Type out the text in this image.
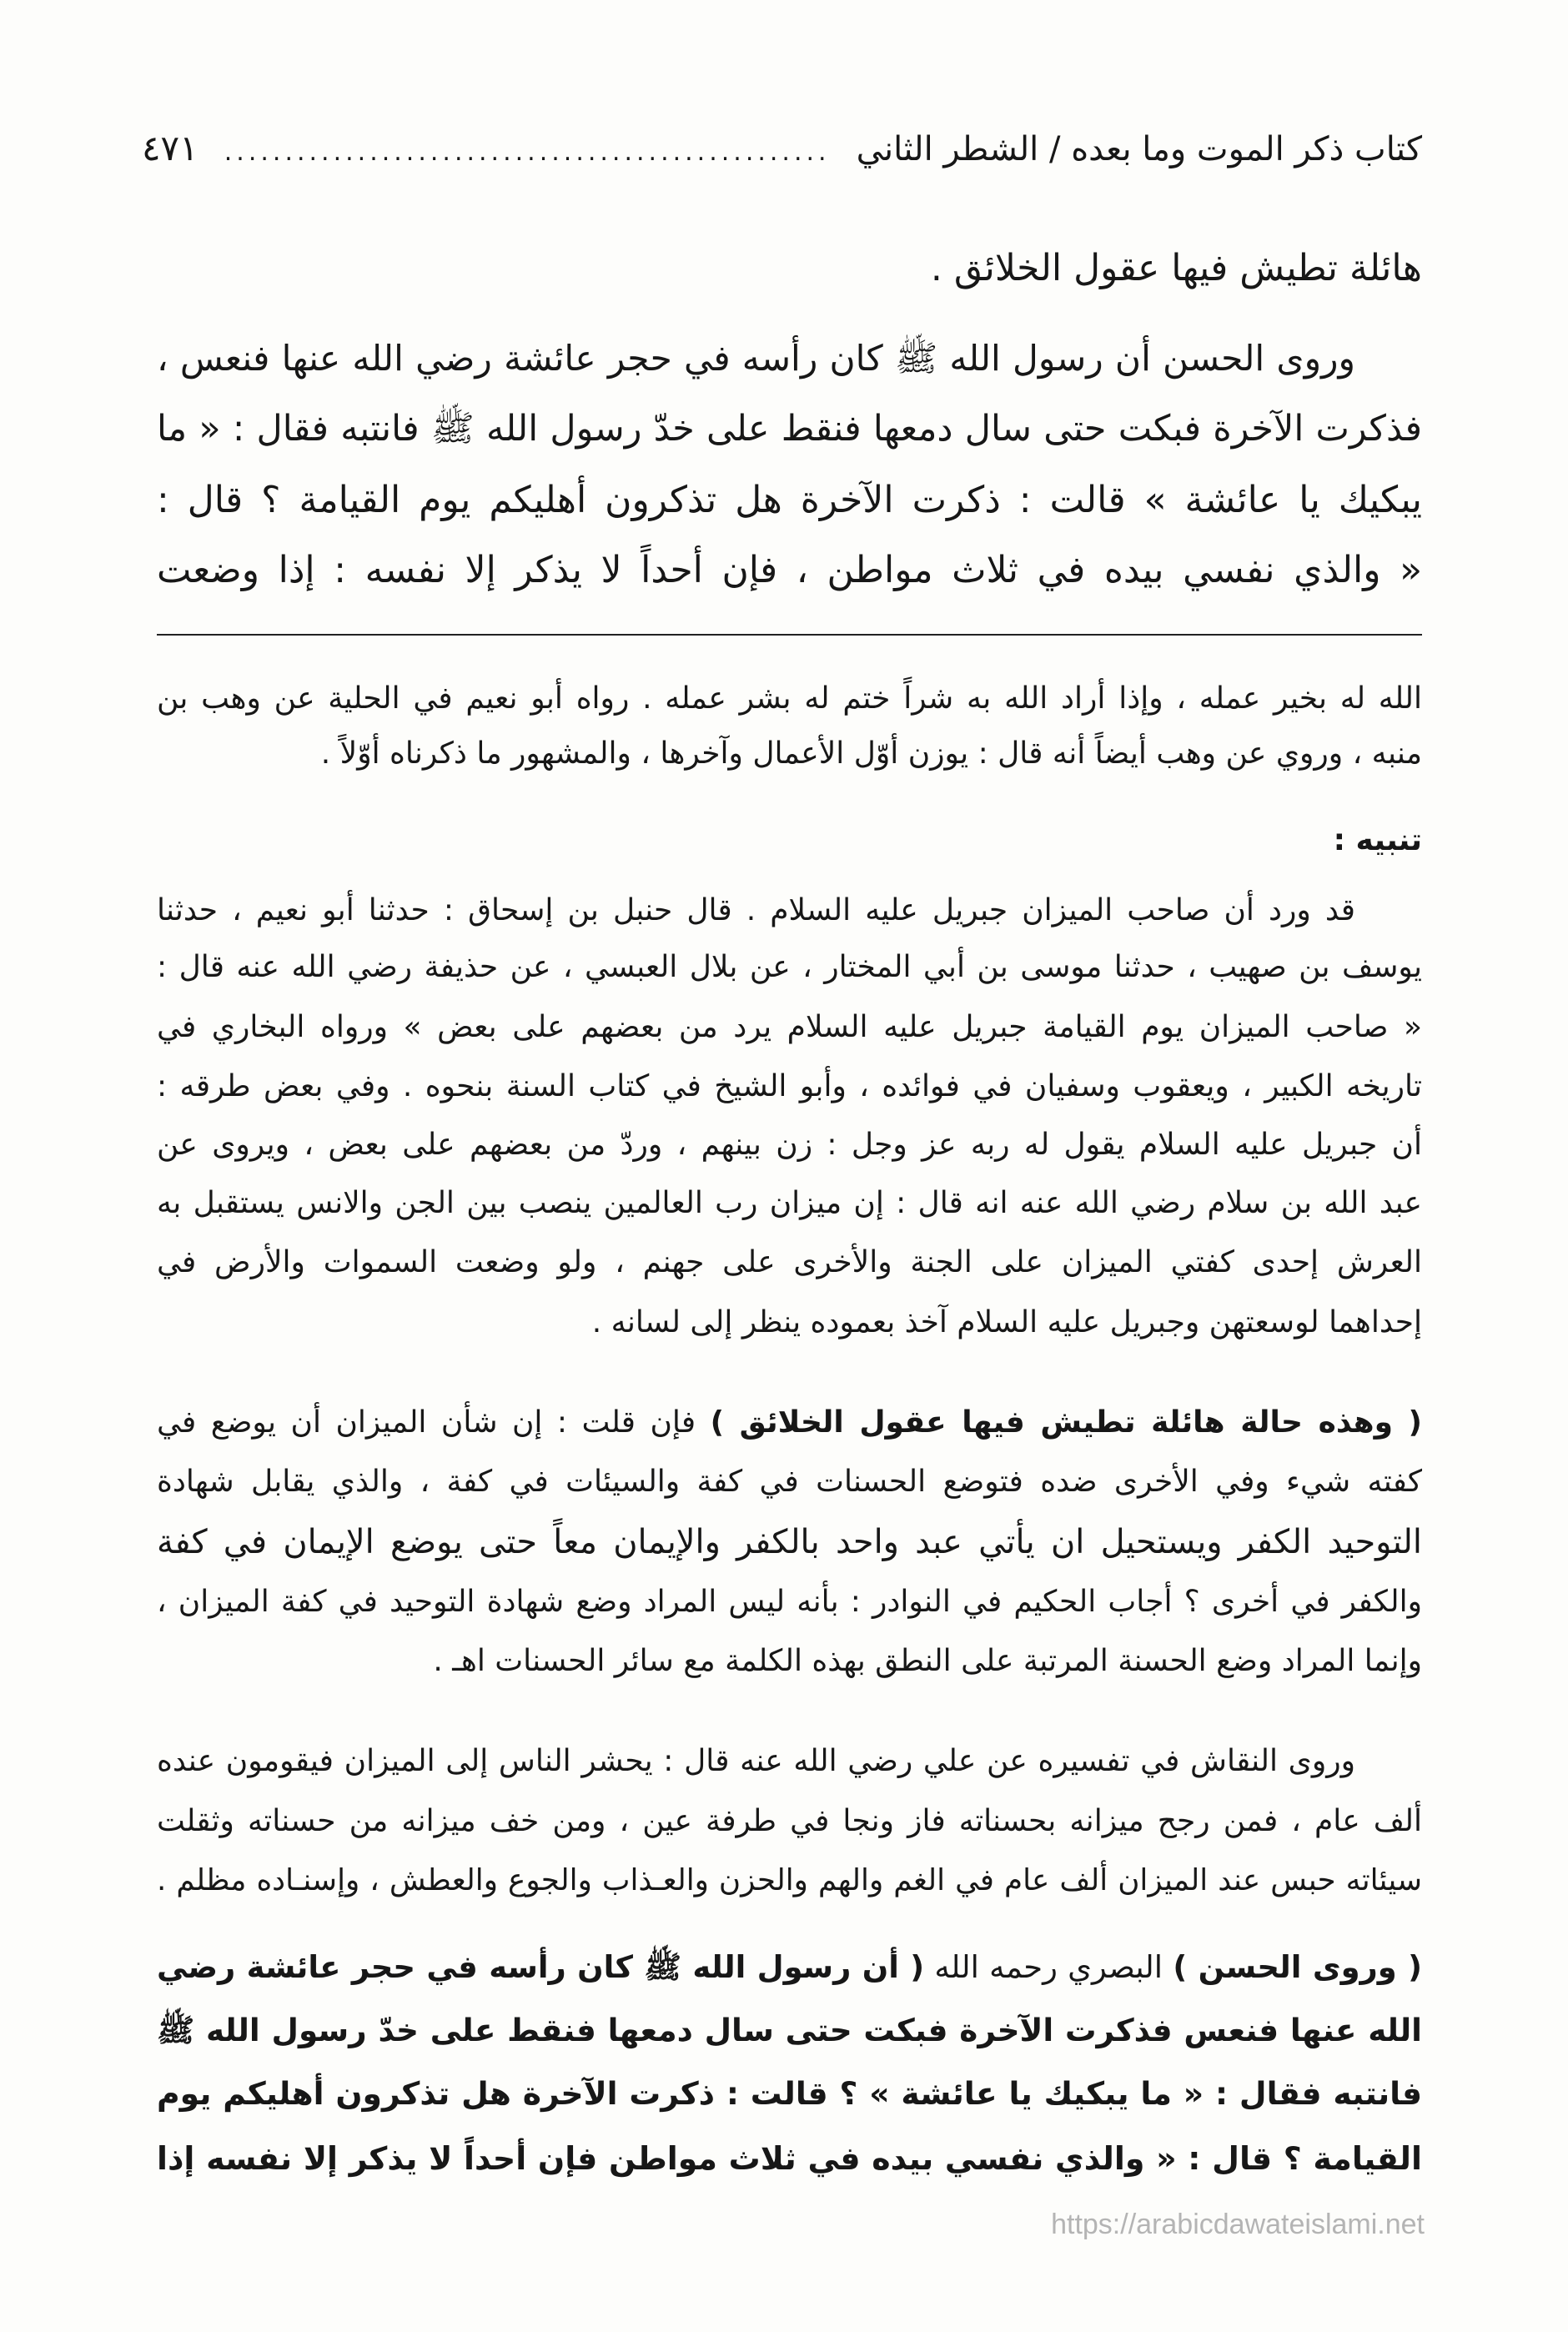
كتاب ذكر الموت وما بعده / الشطر الثاني
..................................................
٤٧١
هائلة تطيش فيها عقول الخلائق .
وروى الحسن أن رسول الله ﷺ كان رأسه في حجر عائشة رضي الله عنها فنعس ،
فذكرت الآخرة فبكت حتى سال دمعها فنقط على خدّ رسول الله ﷺ فانتبه فقال : « ما
يبكيك يا عائشة » قالت : ذكرت الآخرة هل تذكرون أهليكم يوم القيامة ؟ قال :
« والذي نفسي بيده في ثلاث مواطن ، فإن أحداً لا يذكر إلا نفسه : إذا وضعت
الله له بخير عمله ، وإذا أراد الله به شراً ختم له بشر عمله . رواه أبو نعيم في الحلية عن وهب بن
منبه ، وروي عن وهب أيضاً أنه قال : يوزن أوّل الأعمال وآخرها ، والمشهور ما ذكرناه أوّلاً .
تنبيه :
قد ورد أن صاحب الميزان جبريل عليه السلام . قال حنبل بن إسحاق : حدثنا أبو نعيم ، حدثنا
يوسف بن صهيب ، حدثنا موسى بن أبي المختار ، عن بلال العبسي ، عن حذيفة رضي الله عنه قال :
« صاحب الميزان يوم القيامة جبريل عليه السلام يرد من بعضهم على بعض » ورواه البخاري في
تاريخه الكبير ، ويعقوب وسفيان في فوائده ، وأبو الشيخ في كتاب السنة بنحوه . وفي بعض طرقه :
أن جبريل عليه السلام يقول له ربه عز وجل : زن بينهم ، وردّ من بعضهم على بعض ، ويروى عن
عبد الله بن سلام رضي الله عنه انه قال : إن ميزان رب العالمين ينصب بين الجن والانس يستقبل به
العرش إحدى كفتي الميزان على الجنة والأخرى على جهنم ، ولو وضعت السموات والأرض في
إحداهما لوسعتهن وجبريل عليه السلام آخذ بعموده ينظر إلى لسانه .
( وهذه حالة هائلة تطيش فيها عقول الخلائق ) فإن قلت : إن شأن الميزان أن يوضع في
كفته شيء وفي الأخرى ضده فتوضع الحسنات في كفة والسيئات في كفة ، والذي يقابل شهادة
التوحيد الكفر ويستحيل ان يأتي عبد واحد بالكفر والإيمان معاً حتى يوضع الإيمان في كفة
والكفر في أخرى ؟ أجاب الحكيم في النوادر : بأنه ليس المراد وضع شهادة التوحيد في كفة الميزان ،
وإنما المراد وضع الحسنة المرتبة على النطق بهذه الكلمة مع سائر الحسنات اهـ .
وروى النقاش في تفسيره عن علي رضي الله عنه قال : يحشر الناس إلى الميزان فيقومون عنده
ألف عام ، فمن رجح ميزانه بحسناته فاز ونجا في طرفة عين ، ومن خف ميزانه من حسناته وثقلت
سيئاته حبس عند الميزان ألف عام في الغم والهم والحزن والعـذاب والجوع والعطش ، وإسنـاده مظلم .
( وروى الحسن ) البصري رحمه الله ( أن رسول الله ﷺ كان رأسه في حجر عائشة رضي
الله عنها فنعس فذكرت الآخرة فبكت حتى سال دمعها فنقط على خدّ رسول الله ﷺ
فانتبه فقال : « ما يبكيك يا عائشة » ؟ قالت : ذكرت الآخرة هل تذكرون أهليكم يوم
القيامة ؟ قال : « والذي نفسي بيده في ثلاث مواطن فإن أحداً لا يذكر إلا نفسه إذا
https://arabicdawateislami.net
